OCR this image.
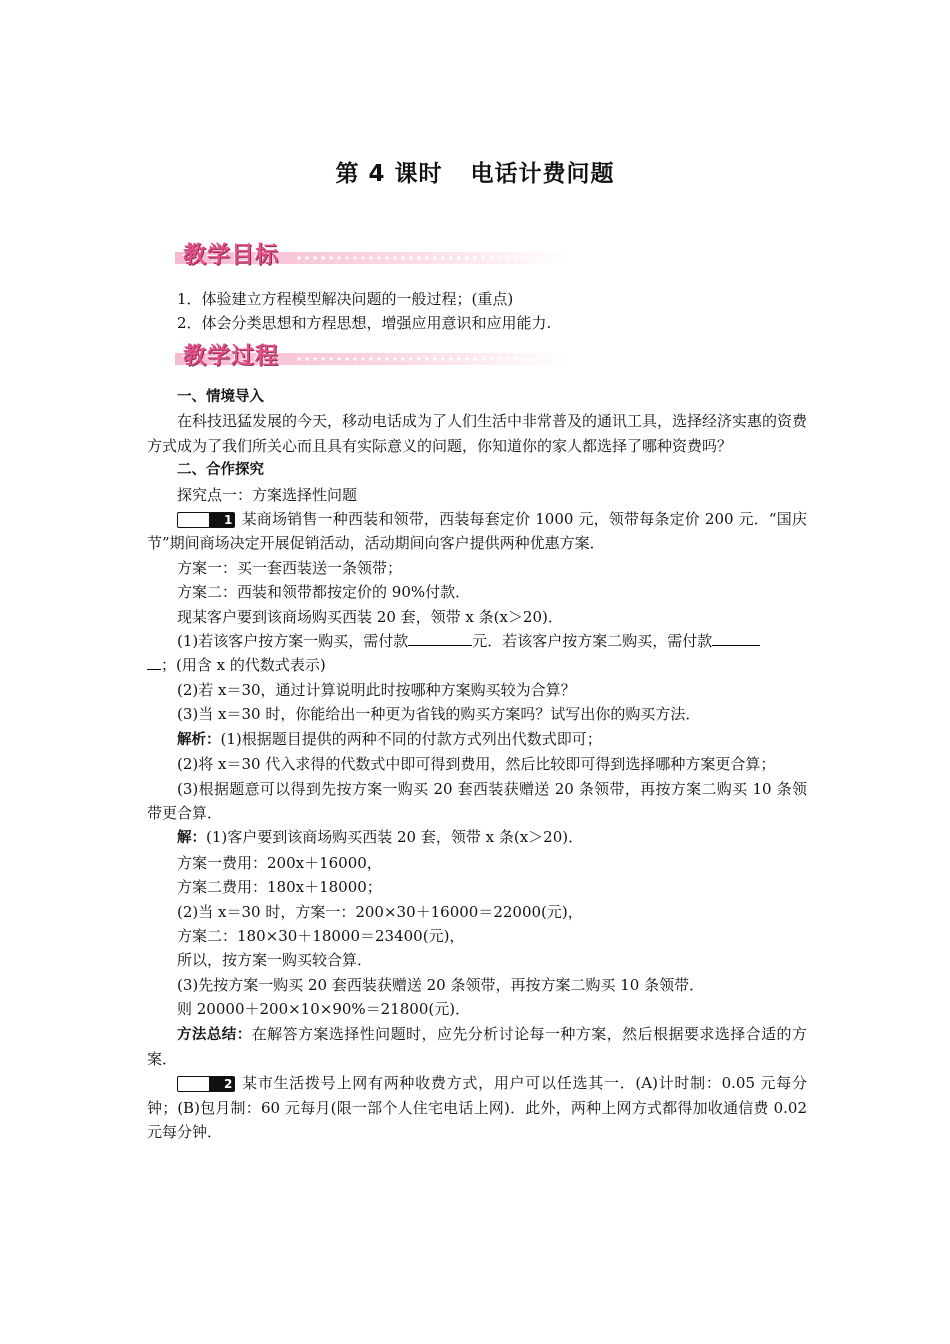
第 4 课时 电话计费问题
教学目标

1．体验建立方程模型解决问题的一般过程；(重点)

2．体会分类思想和方程思想，增强应用意识和应用能力.

教学过程

一、情境导入

在科技迅猛发展的今天，移动电话成为了人们生活中非常普及的通讯工具，选择经济实惠的资费方式成为了我们所关心而且具有实际意义的问题，你知道你的家人都选择了哪种资费吗？

二、合作探究

探究点一：方案选择性问题

例 1 某商场销售一种西装和领带，西装每套定价 1000 元，领带每条定价 200 元．“国庆节”期间商场决定开展促销活动，活动期间向客户提供两种优惠方案．

方案一：买一套西装送一条领带；

方案二：西装和领带都按定价的 90%付款．

现某客户要到该商场购买西装 20 套，领带 x 条(x＞20)．

(1)若该客户按方案一购买，需付款	元．若该客户按方案二购买，需付款
；(用含 x 的代数式表示)

(2)若 x＝30，通过计算说明此时按哪种方案购买较为合算？

(3)当 x＝30 时，你能给出一种更为省钱的购买方案吗？试写出你的购买方法．

解析：(1)根据题目提供的两种不同的付款方式列出代数式即可；

(2)将 x＝30 代入求得的代数式中即可得到费用，然后比较即可得到选择哪种方案更合算；

(3)根据题意可以得到先按方案一购买 20 套西装获赠送 20 条领带，再按方案二购买 10 条领带更合算．

解：(1)客户要到该商场购买西装 20 套，领带 x 条(x＞20)．

方案一费用：200x＋16000，

方案二费用：180x＋18000；

(2)当 x＝30 时，方案一：200×30＋16000＝22000(元)，

方案二：180×30＋18000＝23400(元)，

所以，按方案一购买较合算．

(3)先按方案一购买 20 套西装获赠送 20 条领带，再按方案二购买 10 条领带．

则 20000＋200×10×90%＝21800(元)．

方法总结：在解答方案选择性问题时，应先分析讨论每一种方案，然后根据要求选择合适的方案．

例 2 某市生活拨号上网有两种收费方式，用户可以任选其一．(A)计时制：0.05 元每分钟；(B)包月制：60 元每月(限一部个人住宅电话上网)．此外，两种上网方式都得加收通信费 0.02 元每分钟．
